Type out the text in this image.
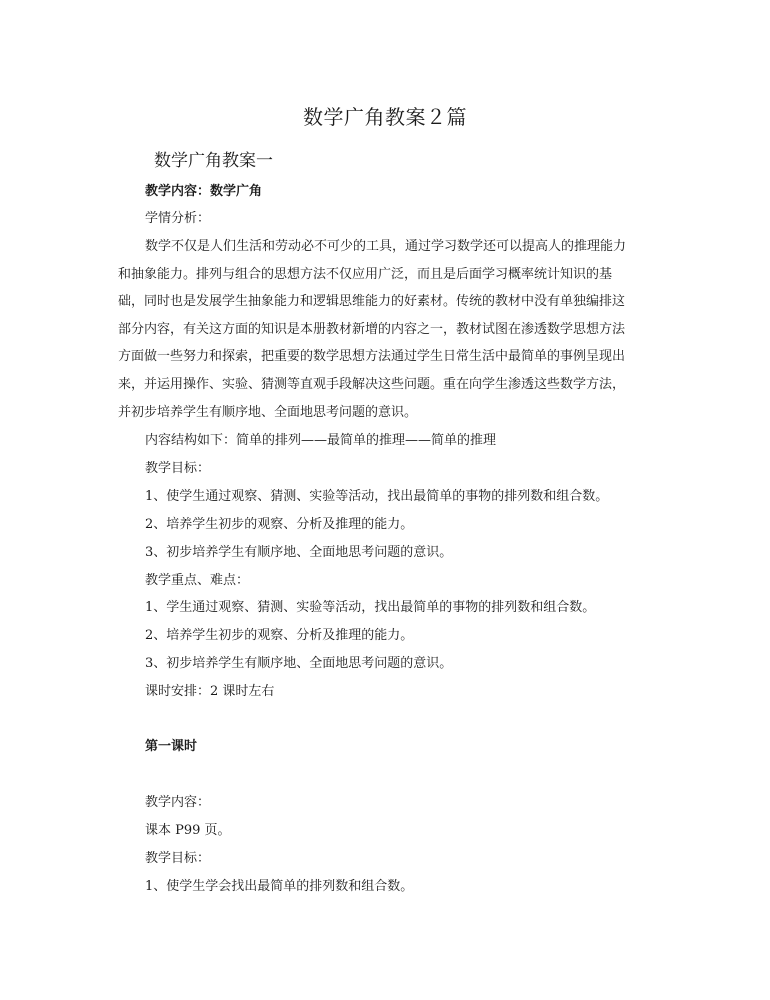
数学广角教案２篇
数学广角教案一
教学内容：数学广角
学情分析：
数学不仅是人们生活和劳动必不可少的工具，通过学习数学还可以提高人的推理能力
和抽象能力。排列与组合的思想方法不仅应用广泛，而且是后面学习概率统计知识的基
础，同时也是发展学生抽象能力和逻辑思维能力的好素材。传统的教材中没有单独编排这
部分内容，有关这方面的知识是本册教材新增的内容之一，教材试图在渗透数学思想方法
方面做一些努力和探索，把重要的数学思想方法通过学生日常生活中最简单的事例呈现出
来，并运用操作、实验、猜测等直观手段解决这些问题。重在向学生渗透这些数学方法，
并初步培养学生有顺序地、全面地思考问题的意识。
内容结构如下：简单的排列——最简单的推理——简单的推理
教学目标：
1、使学生通过观察、猜测、实验等活动，找出最简单的事物的排列数和组合数。
2、培养学生初步的观察、分析及推理的能力。
3、初步培养学生有顺序地、全面地思考问题的意识。
教学重点、难点：
1、学生通过观察、猜测、实验等活动，找出最简单的事物的排列数和组合数。
2、培养学生初步的观察、分析及推理的能力。
3、初步培养学生有顺序地、全面地思考问题的意识。
课时安排：2 课时左右
第一课时
教学内容：
课本 P99 页。
教学目标：
1、使学生学会找出最简单的排列数和组合数。
